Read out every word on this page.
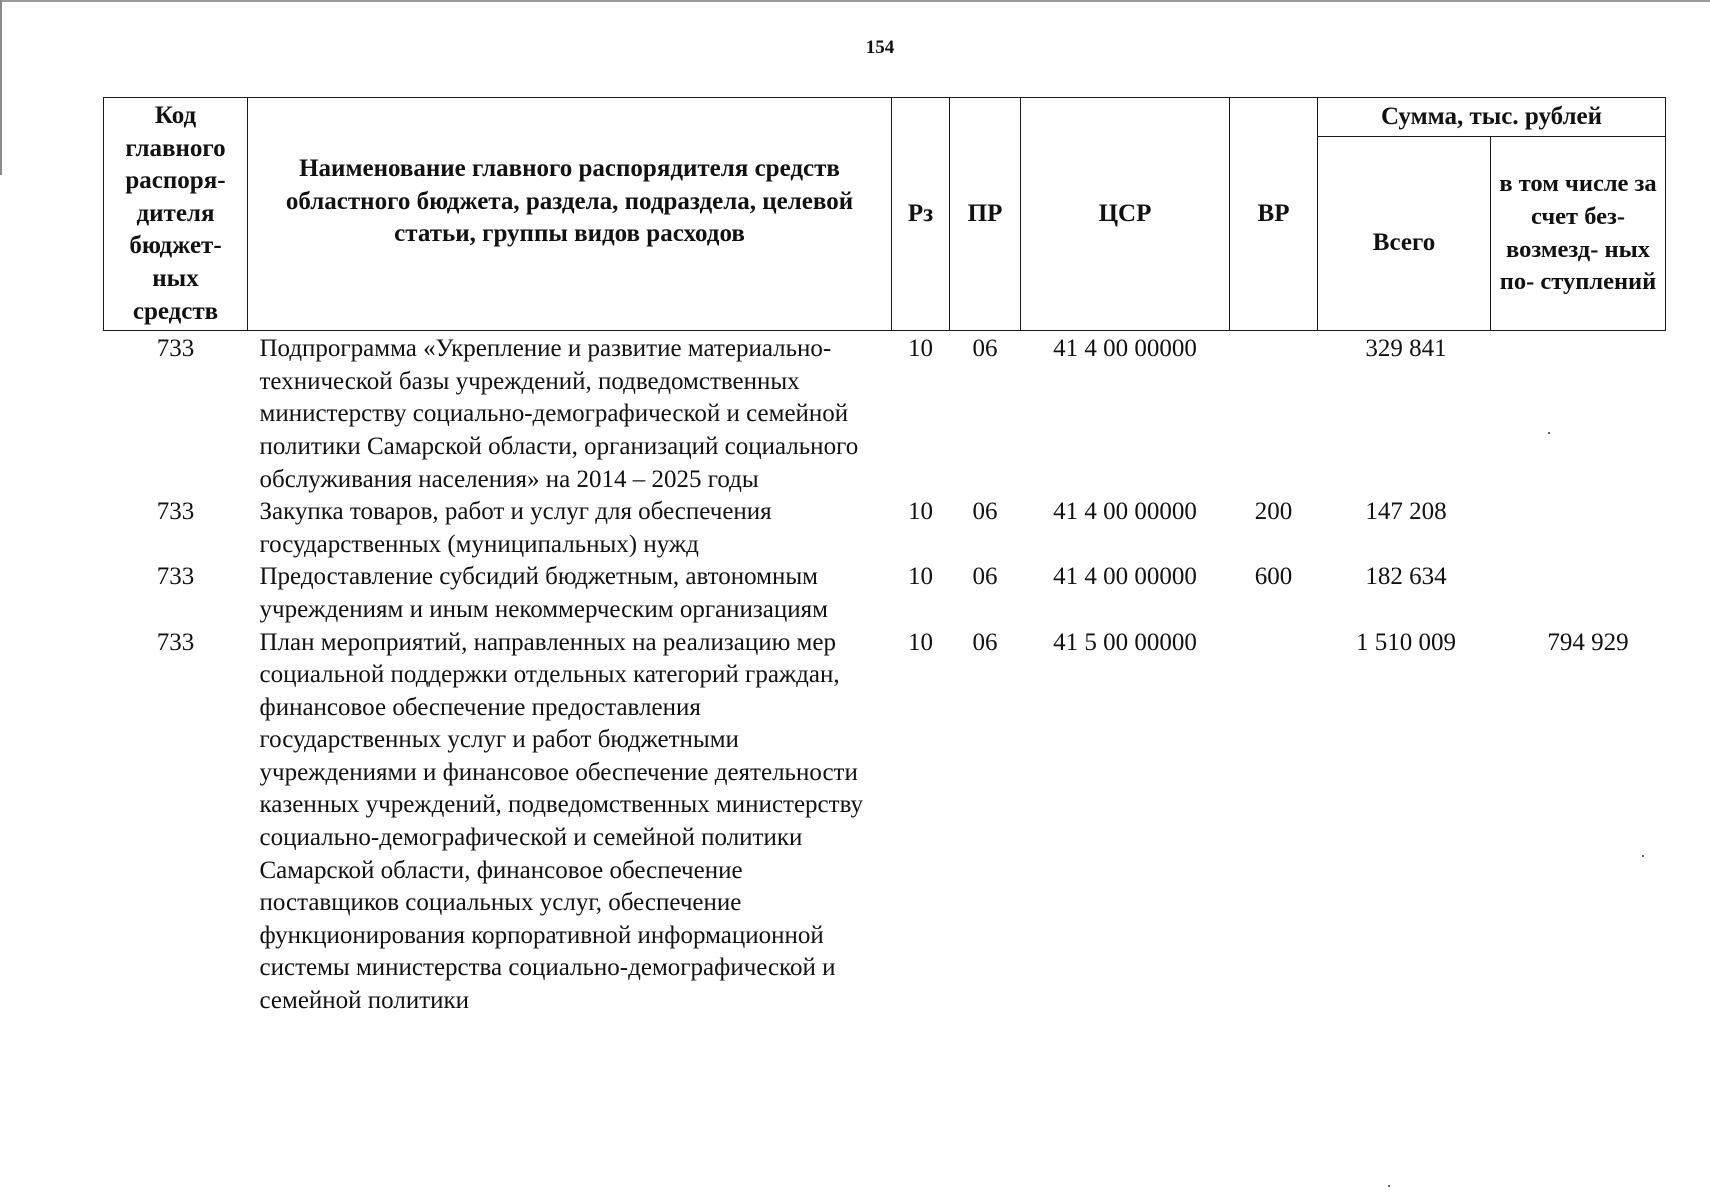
154
Код главного распоря- дителя бюджет- ных средств	Наименование главного распорядителя средств областного бюджета, раздела, подраздела, целевой статьи, группы видов расходов	Рз	ПР	ЦСР	ВР	Сумма, тыс. рублей	
						Всего	в том числе за счет без- возмезд- ных по- ступлений
733	Подпрограмма «Укрепление и развитие материально-технической базы учреждений, подведомственных министерству социально-демографической и семейной политики Самарской области, организаций социального обслуживания населения» на 2014 – 2025 годы	10	06	41 4 00 00000		329 841	
733	Закупка товаров, работ и услуг для обеспечения государственных (муниципальных) нужд	10	06	41 4 00 00000	200	147 208	
733	Предоставление субсидий бюджетным, автономным учреждениям и иным некоммерческим организациям	10	06	41 4 00 00000	600	182 634	
733	План мероприятий, направленных на реализацию мер социальной поддержки отдельных категорий граждан, финансовое обеспечение предоставления государственных услуг и работ бюджетными учреждениями и финансовое обеспечение деятельности казенных учреждений, подведомственных министерству социально-демографической и семейной политики Самарской области, финансовое обеспечение поставщиков социальных услуг, обеспечение функционирования корпоративной информационной системы министерства социально-демографической и семейной политики	10	06	41 5 00 00000		1 510 009	794 929
